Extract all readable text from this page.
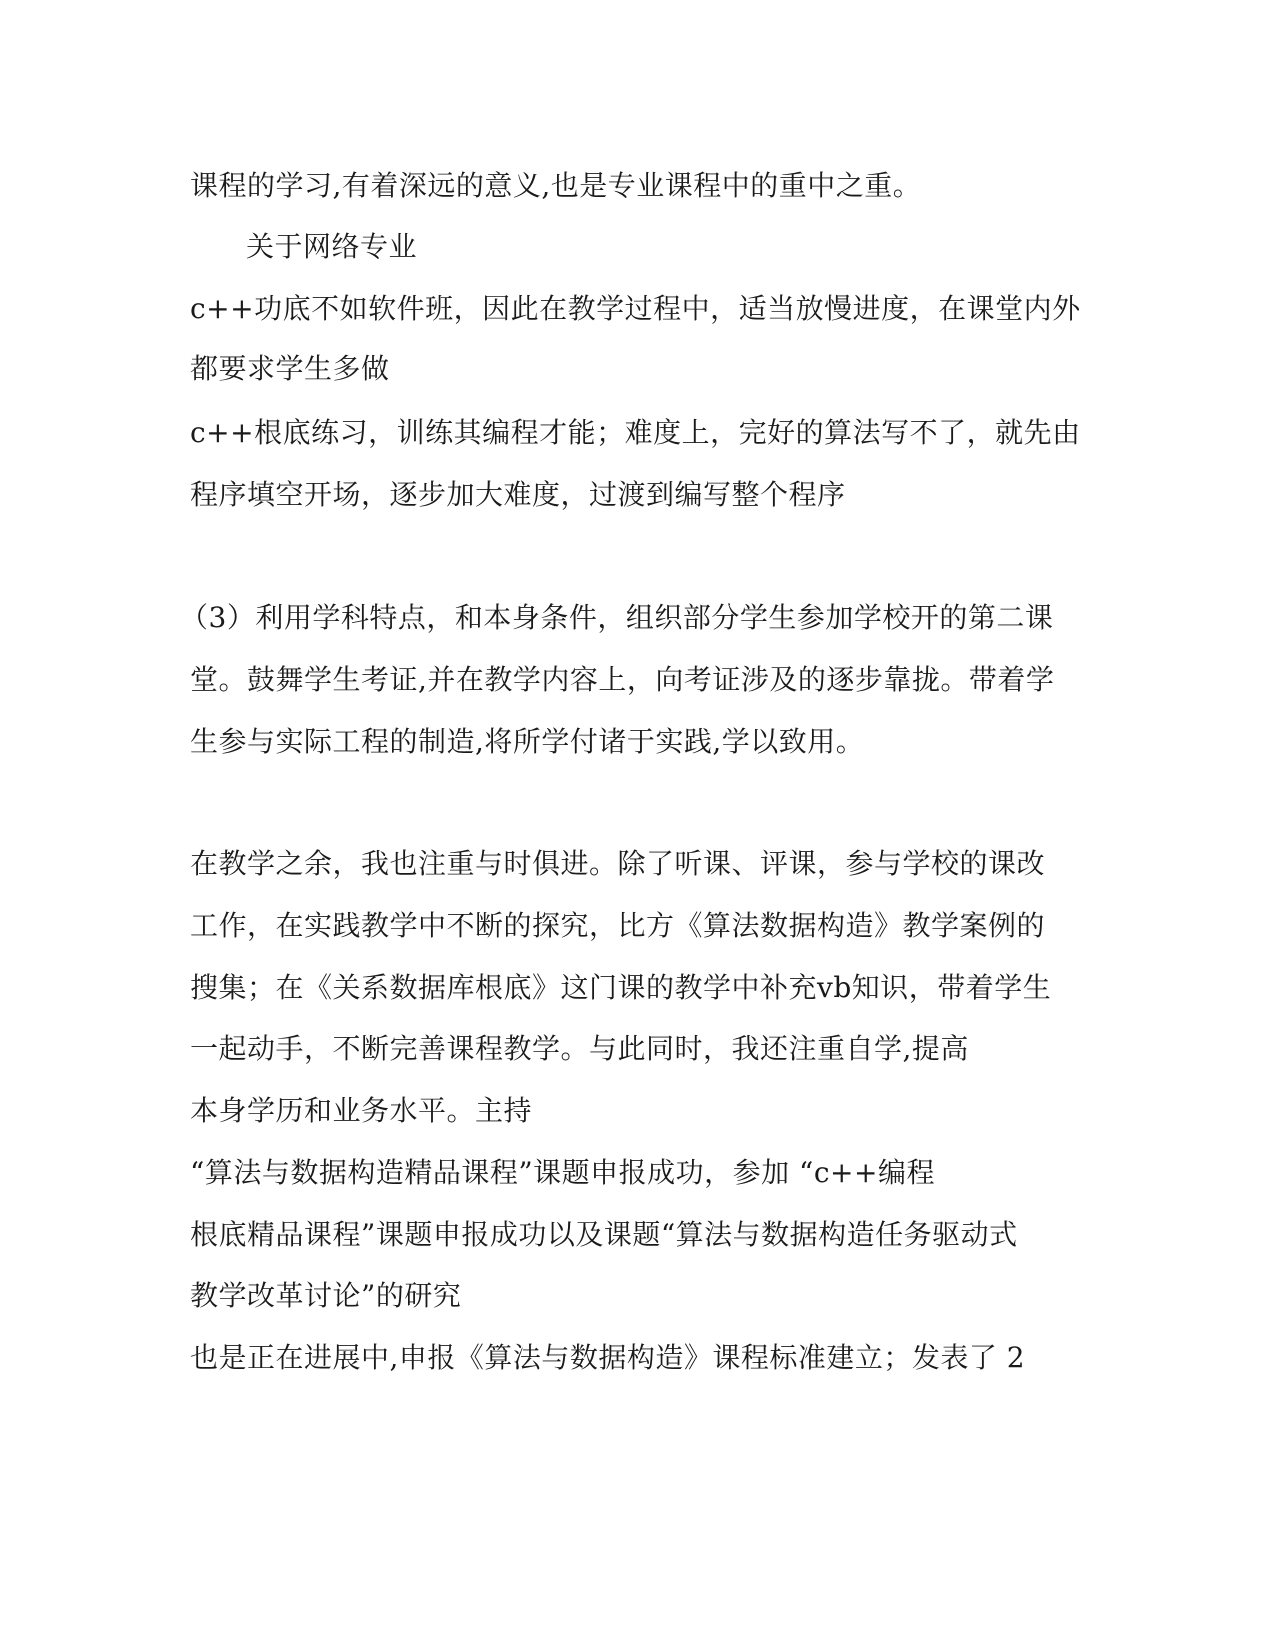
课程的学习,有着深远的意义,也是专业课程中的重中之重。
关于网络专业
c++功底不如软件班，因此在教学过程中，适当放慢进度，在课堂内外
都要求学生多做
c++根底练习，训练其编程才能；难度上，完好的算法写不了，就先由
程序填空开场，逐步加大难度，过渡到编写整个程序
（3）利用学科特点，和本身条件，组织部分学生参加学校开的第二课
堂。鼓舞学生考证,并在教学内容上，向考证涉及的逐步靠拢。带着学
生参与实际工程的制造,将所学付诸于实践,学以致用。
在教学之余，我也注重与时俱进。除了听课、评课，参与学校的课改
工作，在实践教学中不断的探究，比方《算法数据构造》教学案例的
搜集；在《关系数据库根底》这门课的教学中补充vb知识，带着学生
一起动手，不断完善课程教学。与此同时，我还注重自学,提高
本身学历和业务水平。主持
“算法与数据构造精品课程”课题申报成功，参加 “c++编程
根底精品课程”课题申报成功以及课题“算法与数据构造任务驱动式
教学改革讨论”的研究
也是正在进展中,申报《算法与数据构造》课程标准建立；发表了 2
